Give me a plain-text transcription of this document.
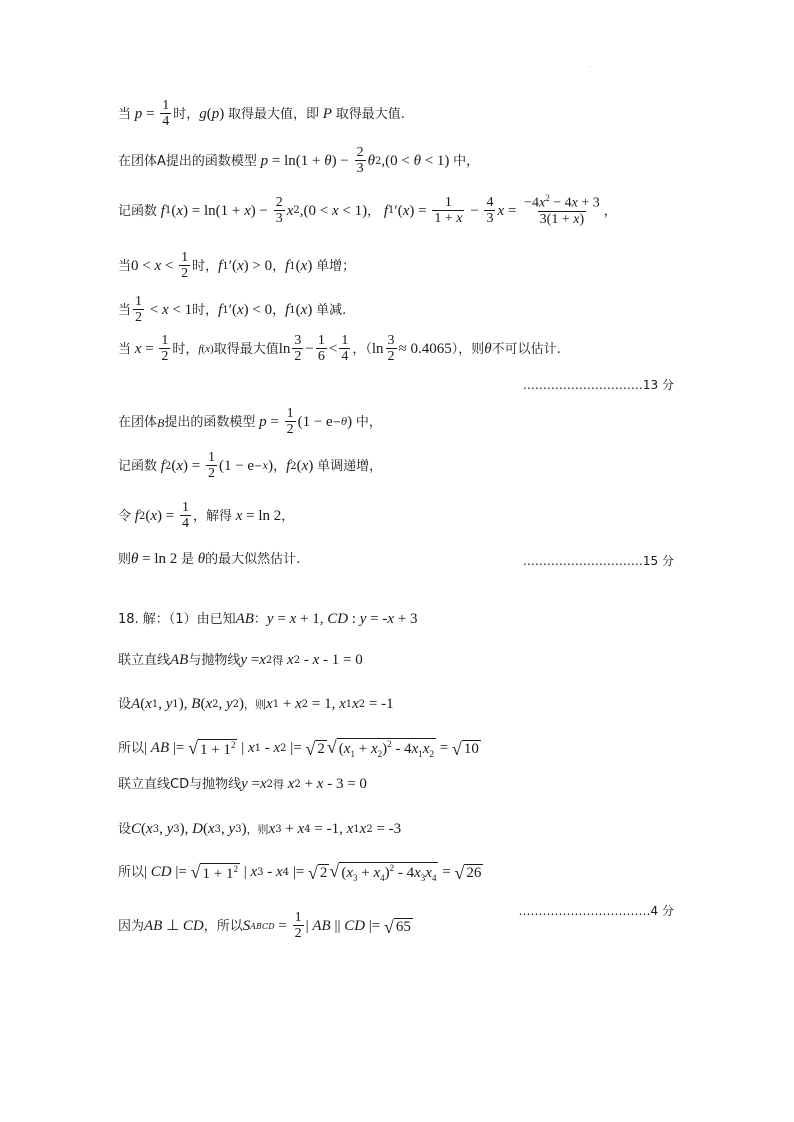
·
当 $p = \frac{1}{4}$ 时， g ( p ) 取得最大值，即 P 取得最大值.
在团体A提出的函数模型 p = ln(1 + θ ) − $\frac{2}{3}$ θ 2 ,(0 < θ < 1) 中，
记函数 f 1 ( x ) = ln(1 + x ) − $\frac{2}{3}$ x 2 ,(0 < x < 1) ， f 1 ′( x ) = $\frac{1}{1 + x} - \frac{4}{3}$ $x = \frac{-4x^2 - 4x + 3}{3(1 + x)}$ ，
当 $0 < x < \frac{1}{2}$ 时， f 1 ′( x ) > 0 ， f 1 ( x ) 单增；
当 $\frac{1}{2} < x < 1$ 时， f 1 ′( x ) < 0 ， f 1 ( x ) 单减.
当 $x = \frac{1}{2}$ 时， f ( x ) 取得最大值 $\ln \frac{3}{2} - \frac{1}{6} < \frac{1}{4}$ ，（ $\ln \frac{3}{2} \approx 0.4065$ ），则 θ 不可以估计.
…………………………13 分
在团体 B 提出的函数模型 $p = \frac{1}{2} (1 - e -\theta$ ) 中，
记函数 f 2 ( x ) = $\frac{1}{2} (1 - e -x$ ) ， f 2 ( x ) 单调递增，
令 f 2 ( x ) = $\frac{1}{4}$ ，解得 x = ln 2 ，
则 θ = ln 2 是 θ 的最大似然估计.	…………………………15 分
18. 解：（1）由已知 AB ： y = x + 1, CD : y = - x + 3
联立直线 AB 与抛物线 y = x 2 得 x 2 - x - 1 = 0
设 A ( x 1 , y 1 ), B ( x 2 , y 2 ) ，则 x 1 + x 2 = 1, x 1 x 2 = -1
所以 | AB |= √ $1 + 1^2$ | x 1 - x 2 |= √ 2 √ $(x_1 + x_2)^2 - 4x_1x_2$ = √ 10
联立直线CD与抛物线 y = x 2 得 x 2 + x - 3 = 0
设 C ( x 3 , y 3 ), D ( x 3 , y 3 ) ，则 x 3 + x 4 = -1, x 1 x 2 = -3
所以 | CD |= √ $1 + 1^2$ | x 3 - x 4 |= √ 2 √ $(x_3 + x_4)^2 - 4x_3x_4$ = √ 26
因为 AB ⊥ CD ，所以 S ABCD = $\frac{1}{2}$ | AB || CD |= √ 65
……………………………4 分
